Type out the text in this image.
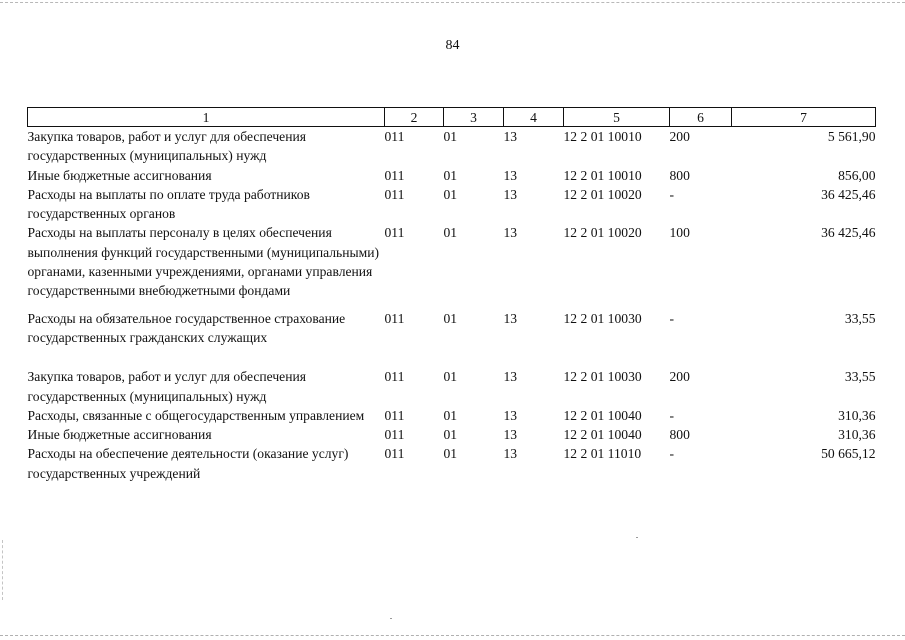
84
1	2	3	4	5	6	7
Закупка товаров, работ и услуг для обеспечения государственных (муниципальных) нужд	011	01	13	12 2 01 10010	200	5 561,90
Иные бюджетные ассигнования	011	01	13	12 2 01 10010	800	856,00
Расходы на выплаты по оплате труда работников государственных органов	011	01	13	12 2 01 10020	-	36 425,46
Расходы на выплаты персоналу в целях обеспечения выполнения функций государственными (муниципальными) органами, казенными учреждениями, органами управления государственными внебюджетными фондами	011	01	13	12 2 01 10020	100	36 425,46
Расходы на обязательное государственное страхование государственных гражданских служащих	011	01	13	12 2 01 10030	-	33,55
Закупка товаров, работ и услуг для обеспечения государственных (муниципальных) нужд	011	01	13	12 2 01 10030	200	33,55
Расходы, связанные с общегосударственным управлением	011	01	13	12 2 01 10040	-	310,36
Иные бюджетные ассигнования	011	01	13	12 2 01 10040	800	310,36
Расходы на обеспечение деятельности (оказание услуг) государственных учреждений	011	01	13	12 2 01 11010	-	50 665,12
